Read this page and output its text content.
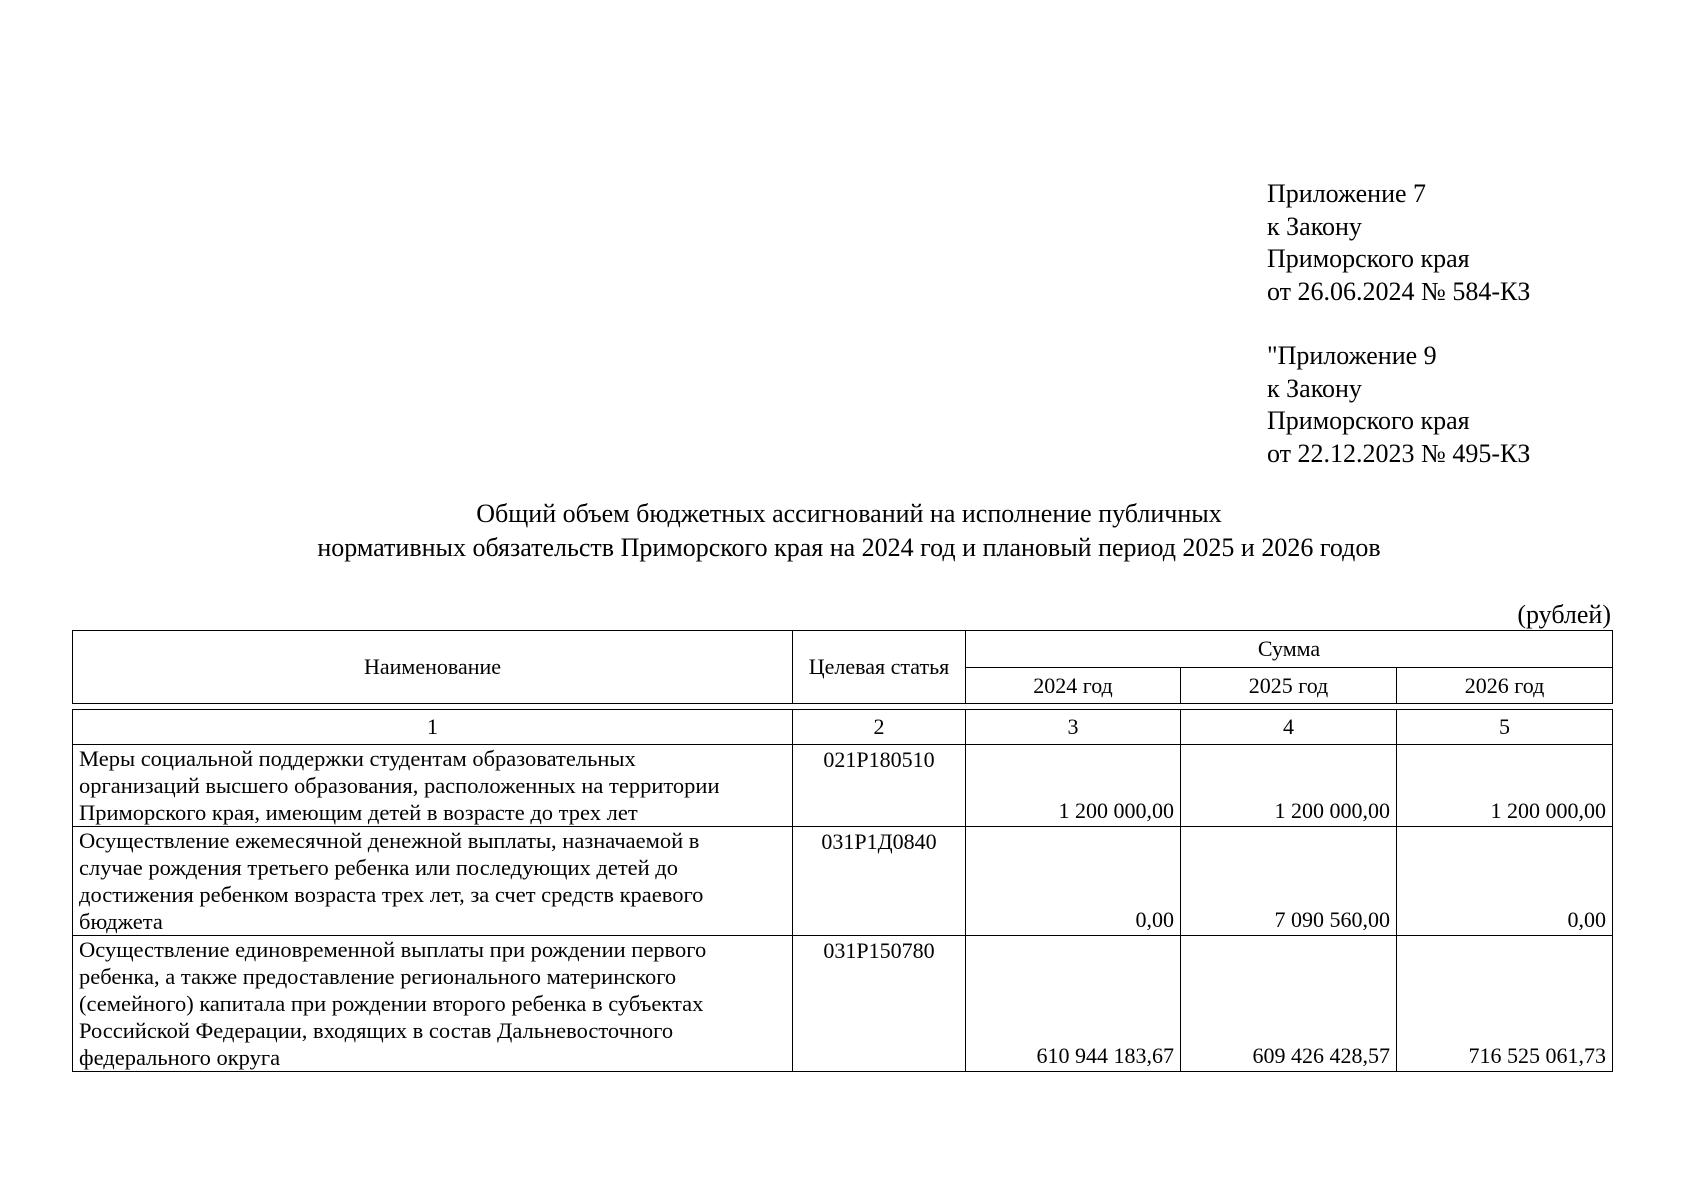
Приложение 7
к Закону
Приморского края
от 26.06.2024 № 584-КЗ
"Приложение 9
к Закону
Приморского края
от 22.12.2023 № 495-КЗ
Общий объем бюджетных ассигнований на исполнение публичных
нормативных обязательств Приморского края на 2024 год и плановый период 2025 и 2026 годов
(рублей)
Наименование	Целевая статья	Сумма		
		2024 год	2025 год	2026 год
1	2	3	4	5

Меры социальной поддержки студентам образовательных
организаций высшего образования, расположенных на территории
Приморского края, имеющим детей в возрасте до трех лет	021P180510	1 200 000,00	1 200 000,00	1 200 000,00

Осуществление ежемесячной денежной выплаты, назначаемой в
случае рождения третьего ребенка или последующих детей до
достижения ребенком возраста трех лет, за счет средств краевого
бюджета	031P1Д0840	0,00	7 090 560,00	0,00

Осуществление единовременной выплаты при рождении первого
ребенка, а также предоставление регионального материнского
(семейного) капитала при рождении второго ребенка в субъектах
Российской Федерации, входящих в состав Дальневосточного
федерального округа	031P150780	610 944 183,67	609 426 428,57	716 525 061,73
